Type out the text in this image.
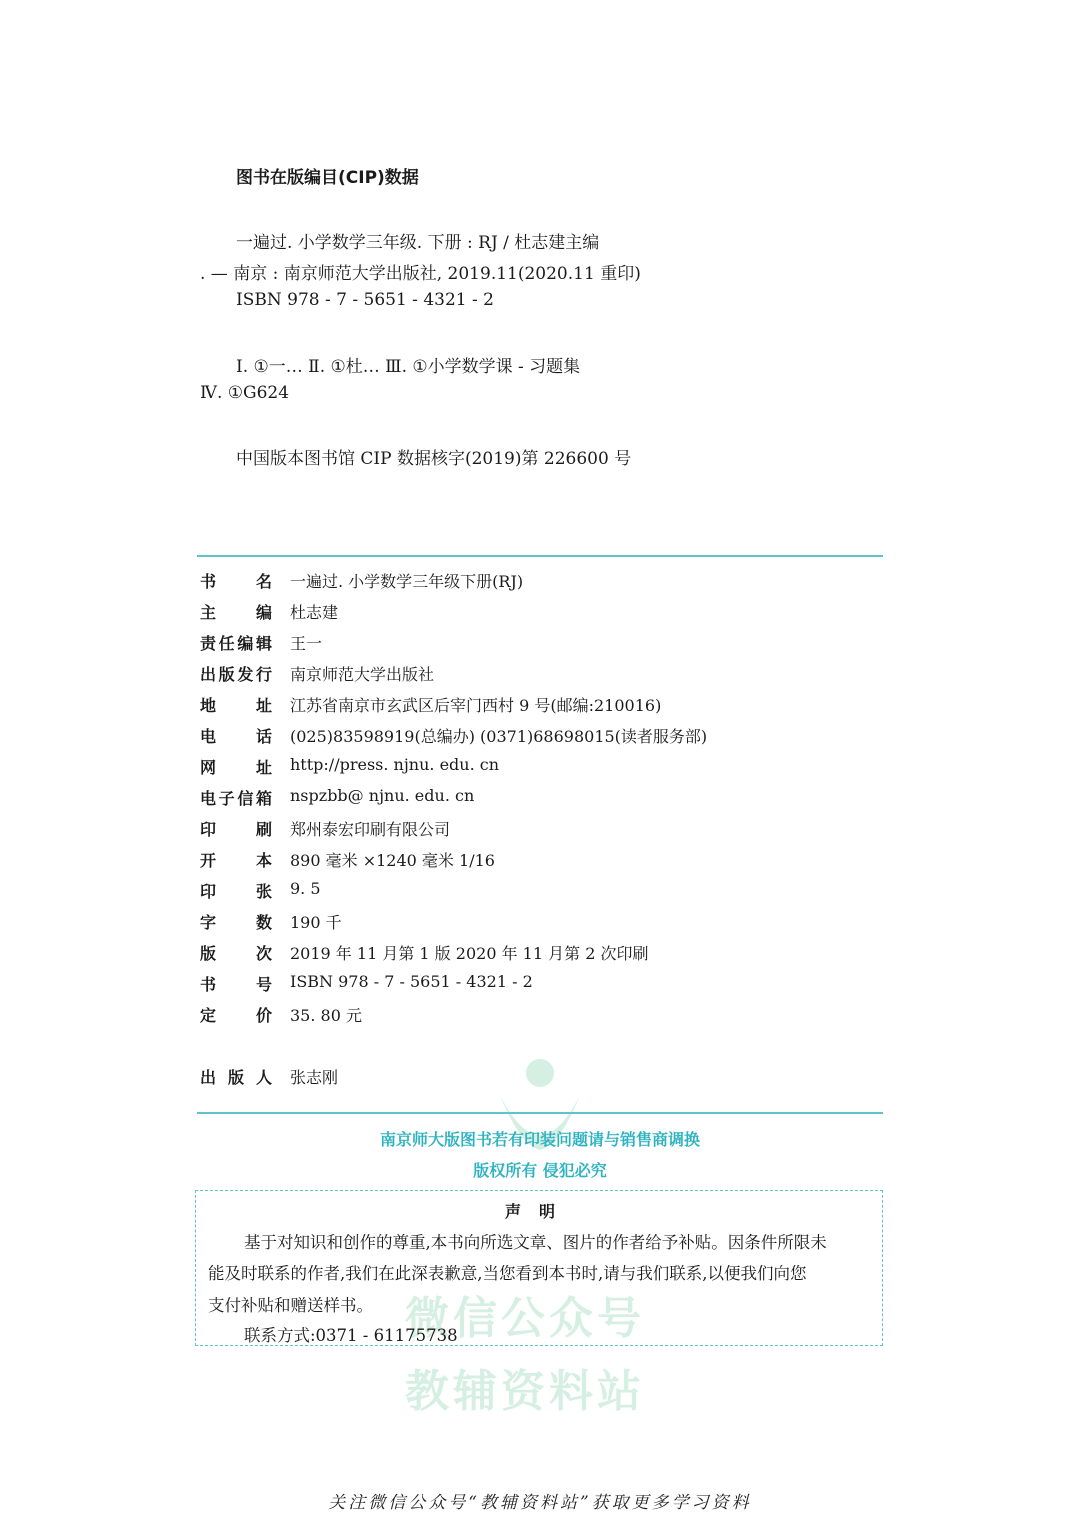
图书在版编目(CIP)数据
一遍过. 小学数学三年级. 下册 : RJ / 杜志建主编
. — 南京 : 南京师范大学出版社, 2019.11(2020.11 重印)
ISBN 978 - 7 - 5651 - 4321 - 2
Ⅰ. ①一… Ⅱ. ①杜… Ⅲ. ①小学数学课 - 习题集
Ⅳ. ①G624
中国版本图书馆 CIP 数据核字(2019)第 226600 号
微信公众号
教辅资料站
书名 一遍过. 小学数学三年级下册(RJ)
主编 杜志建
责任编辑 王一
出版发行 南京师范大学出版社
地址 江苏省南京市玄武区后宰门西村 9 号(邮编:210016)
电话 (025)83598919(总编办) (0371)68698015(读者服务部)
网址 http://press. njnu. edu. cn
电子信箱 nspzbb@ njnu. edu. cn
印刷 郑州泰宏印刷有限公司
开本 890 毫米 ×1240 毫米 1/16
印张 9. 5
字数 190 千
版次 2019 年 11 月第 1 版 2020 年 11 月第 2 次印刷
书号 ISBN 978 - 7 - 5651 - 4321 - 2
定价 35. 80 元
出版人 张志刚
南京师大版图书若有印装问题请与销售商调换
版权所有 侵犯必究
声明
基于对知识和创作的尊重,本书向所选文章、图片的作者给予补贴。因条件所限未
能及时联系的作者,我们在此深表歉意,当您看到本书时,请与我们联系,以便我们向您
支付补贴和赠送样书。
联系方式:0371 - 61175738
关注微信公众号“教辅资料站”获取更多学习资料
